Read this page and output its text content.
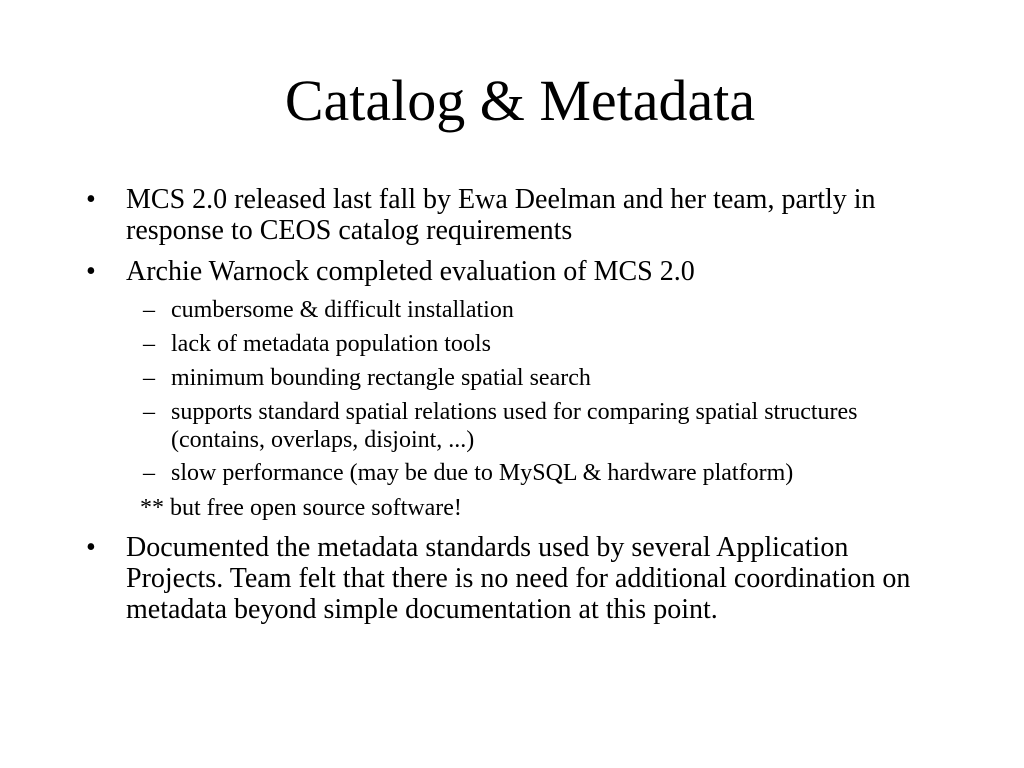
Catalog & Metadata
• MCS 2.0 released last fall by Ewa Deelman and her team, partly in response to CEOS catalog requirements
• Archie Warnock completed evaluation of MCS 2.0
– cumbersome & difficult installation
– lack of metadata population tools
– minimum bounding rectangle spatial search
– supports standard spatial relations used for comparing spatial structures (contains, overlaps, disjoint, ...)
– slow performance (may be due to MySQL & hardware platform)
** but free open source software!
• Documented the metadata standards used by several Application Projects. Team felt that there is no need for additional coordination on metadata beyond simple documentation at this point.
